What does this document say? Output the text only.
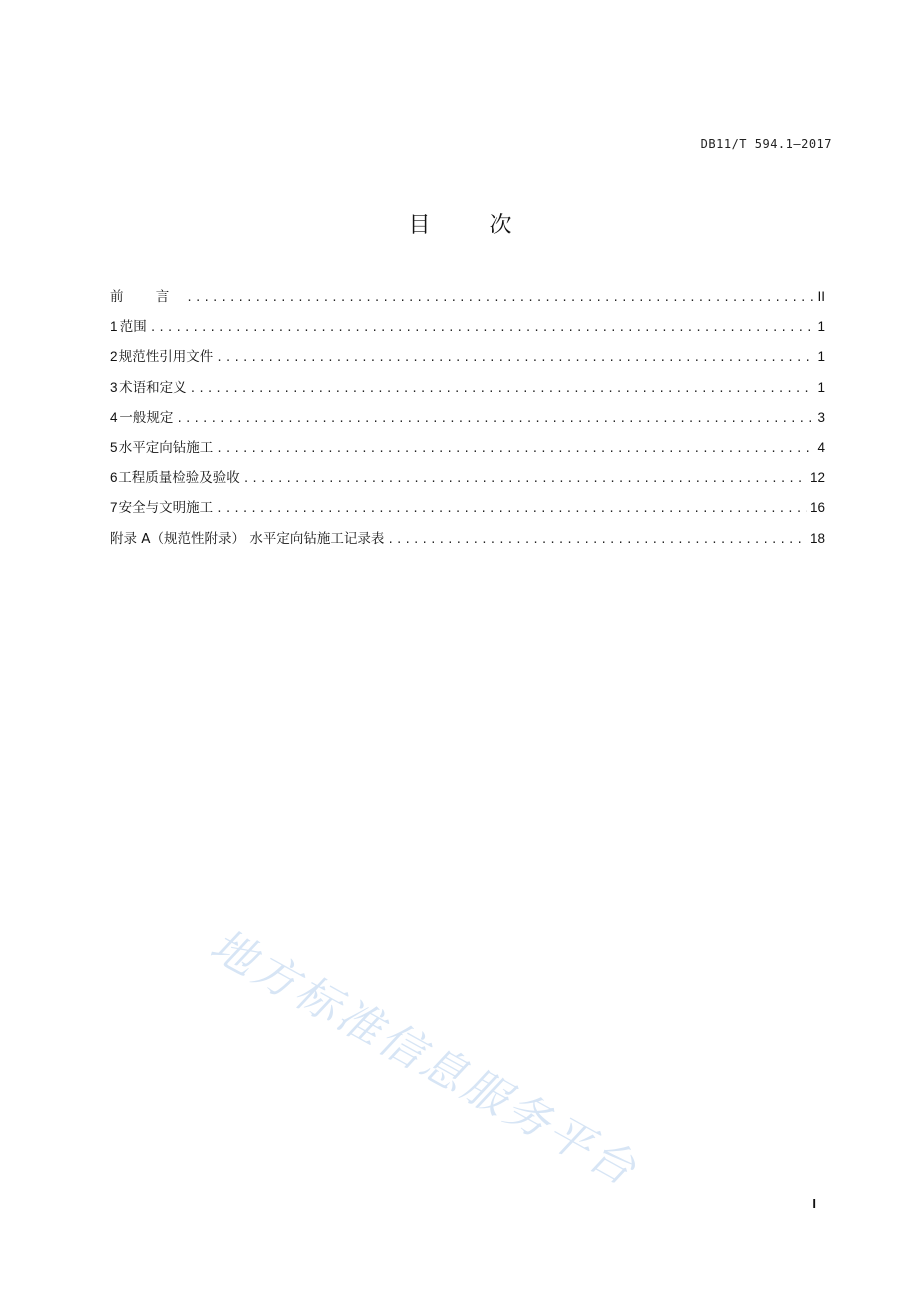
DB11/T 594.1—2017
目 次
前 言 .....	II
1 范围 .....	1
2 规范性引用文件 .....	1
3 术语和定义 .....	1
4 一般规定 .....	3
5 水平定向钻施工 .....	4
6 工程质量检验及验收 .....	12
7 安全与文明施工 .....	16
附录 A（规范性附录） 水平定向钻施工记录表 .....	18
地方标准信息服务平台
I
